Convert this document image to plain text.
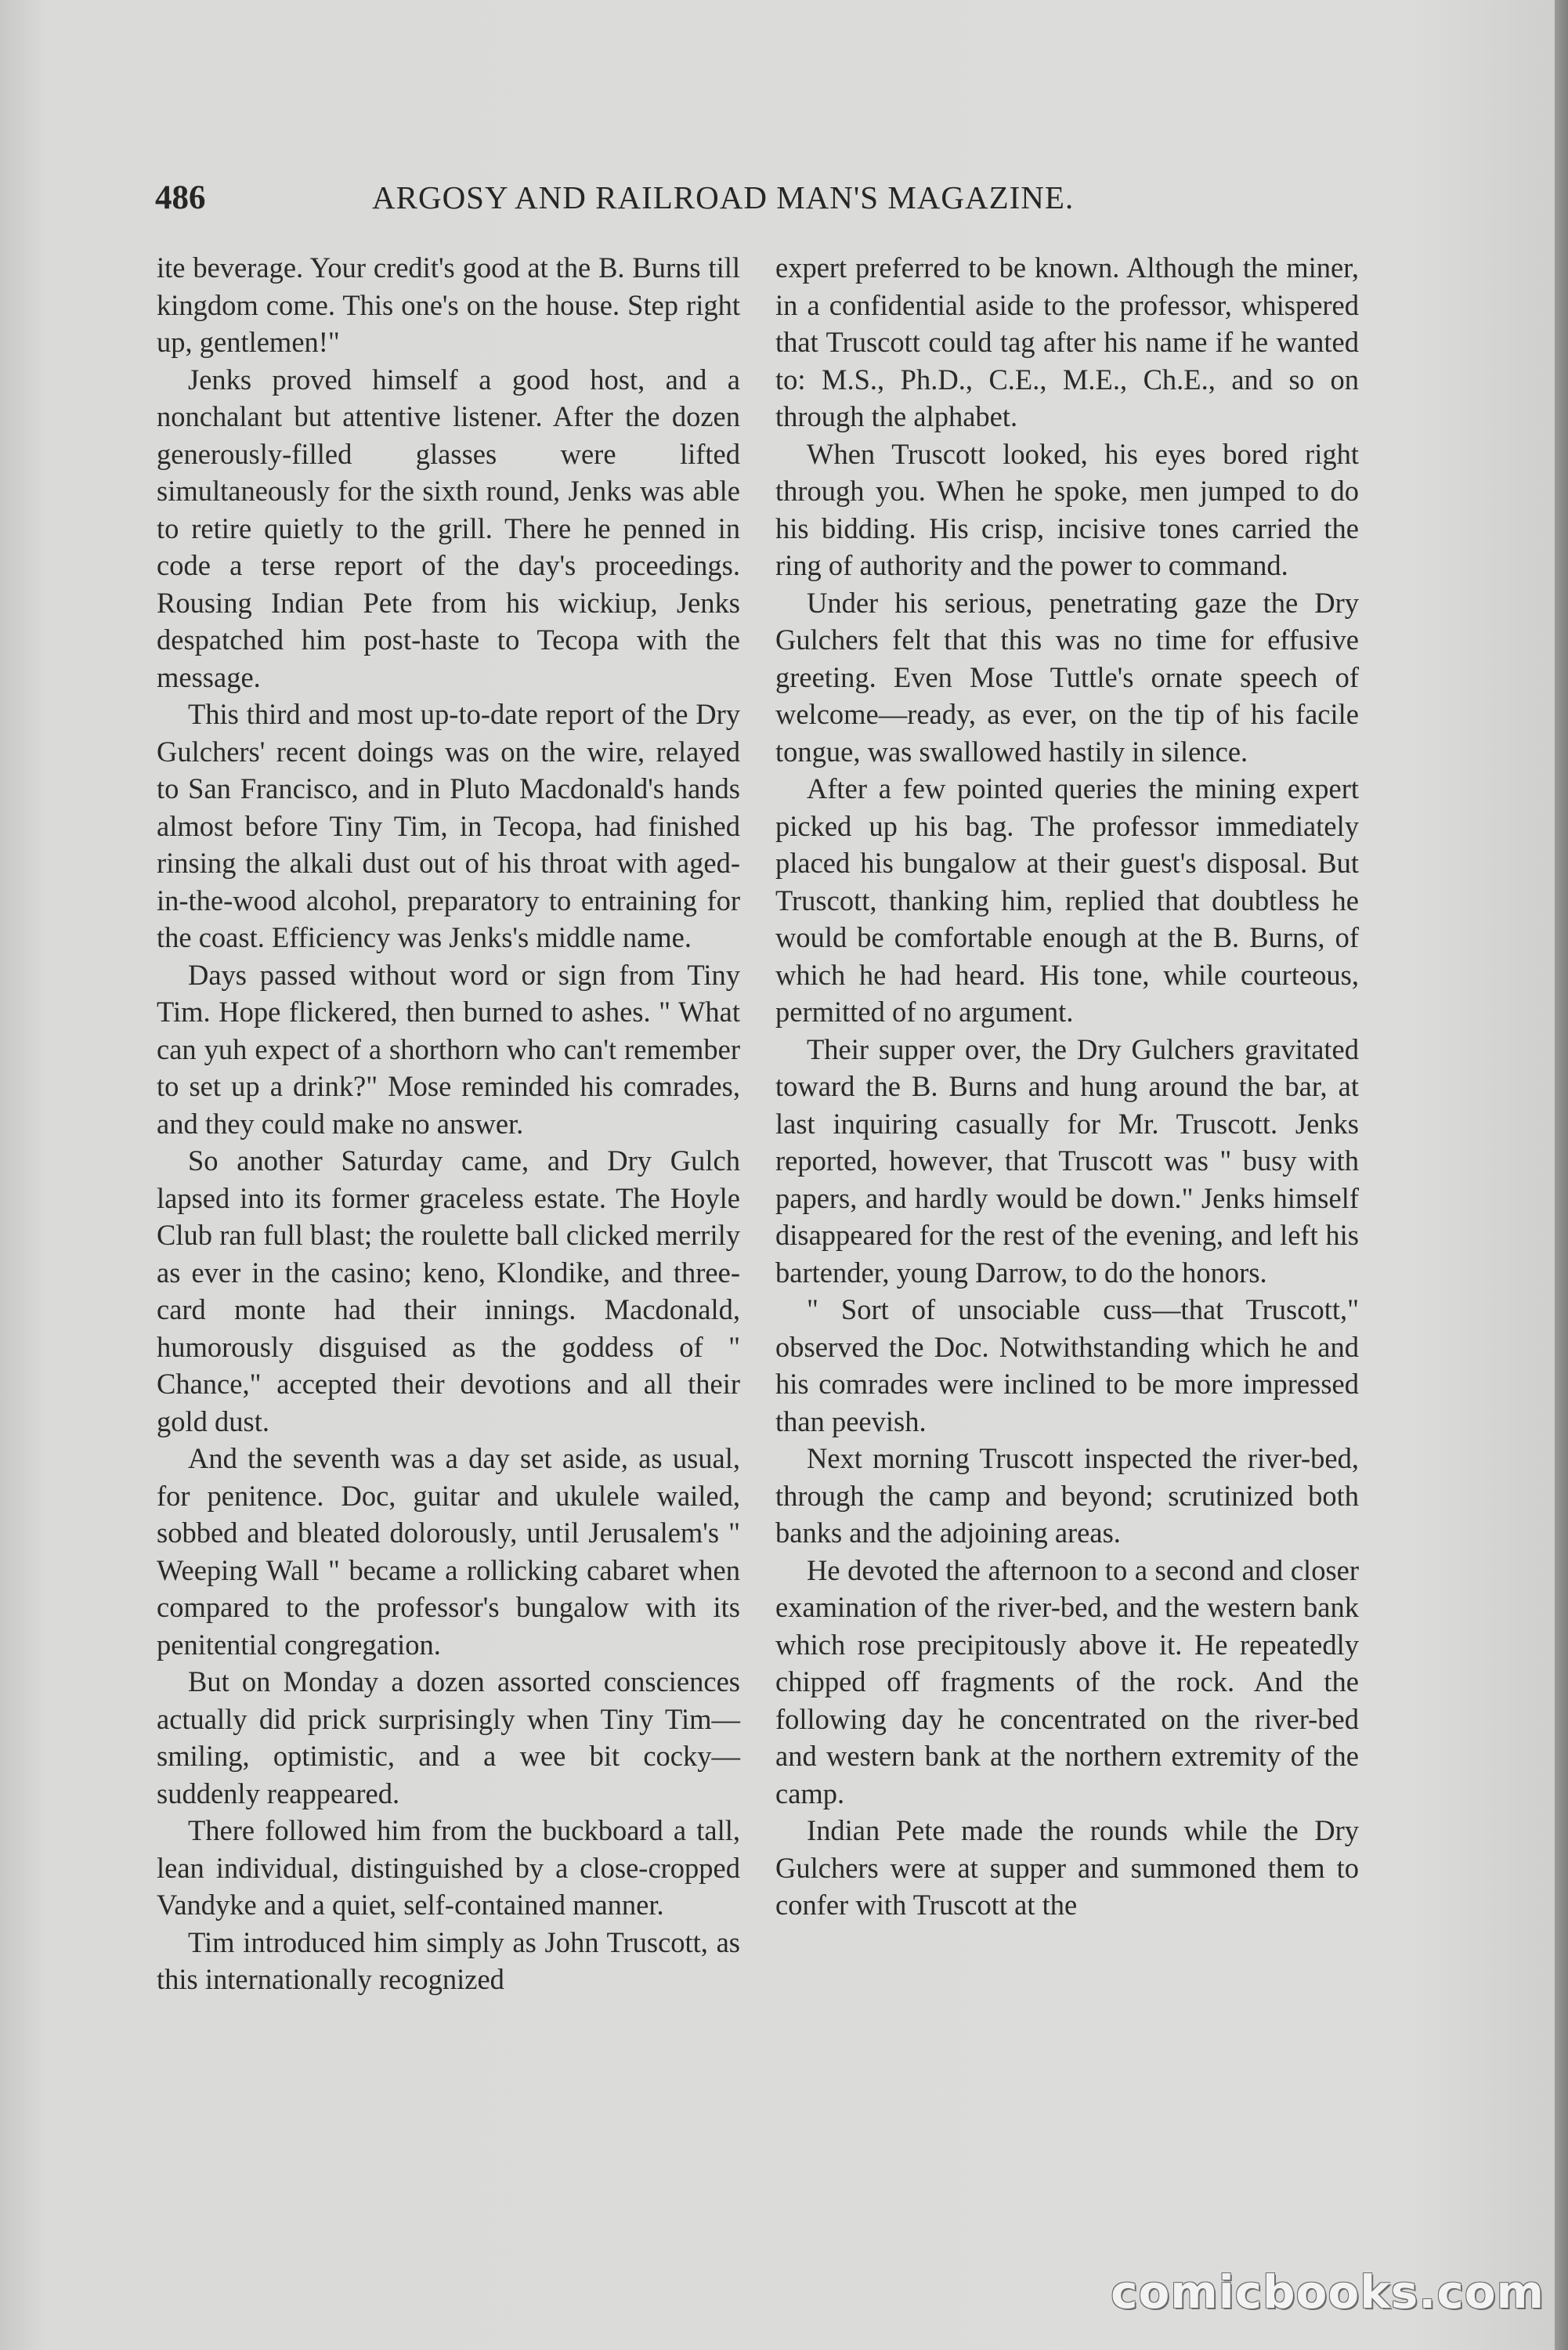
486	ARGOSY AND RAILROAD MAN'S MAGAZINE.

ite beverage. Your credit's good at the B. Burns till kingdom come. This one's on the house. Step right up, gentlemen!"

Jenks proved himself a good host, and a nonchalant but attentive listener. After the dozen generously-filled glasses were lifted simultaneously for the sixth round, Jenks was able to retire quietly to the grill. There he penned in code a terse report of the day's proceedings. Rousing Indian Pete from his wickiup, Jenks despatched him post-haste to Tecopa with the message.

This third and most up-to-date report of the Dry Gulchers' recent doings was on the wire, relayed to San Francisco, and in Pluto Macdonald's hands almost before Tiny Tim, in Tecopa, had finished rinsing the alkali dust out of his throat with aged-in-the-wood alcohol, preparatory to entraining for the coast. Efficiency was Jenks's middle name.

Days passed without word or sign from Tiny Tim. Hope flickered, then burned to ashes. " What can yuh expect of a shorthorn who can't remember to set up a drink?" Mose reminded his comrades, and they could make no answer.

So another Saturday came, and Dry Gulch lapsed into its former graceless estate. The Hoyle Club ran full blast; the roulette ball clicked merrily as ever in the casino; keno, Klondike, and three-card monte had their innings. Macdonald, humorously disguised as the goddess of " Chance," accepted their devotions and all their gold dust.

And the seventh was a day set aside, as usual, for penitence. Doc, guitar and ukulele wailed, sobbed and bleated dolorously, until Jerusalem's " Weeping Wall " became a rollicking cabaret when compared to the professor's bungalow with its penitential congregation.

But on Monday a dozen assorted consciences actually did prick surprisingly when Tiny Tim—smiling, optimistic, and a wee bit cocky—suddenly reappeared.

There followed him from the buckboard a tall, lean individual, distinguished by a close-cropped Vandyke and a quiet, self-contained manner.

Tim introduced him simply as John Truscott, as this internationally recognized

expert preferred to be known. Although the miner, in a confidential aside to the professor, whispered that Truscott could tag after his name if he wanted to: M.S., Ph.D., C.E., M.E., Ch.E., and so on through the alphabet.

When Truscott looked, his eyes bored right through you. When he spoke, men jumped to do his bidding. His crisp, incisive tones carried the ring of authority and the power to command.

Under his serious, penetrating gaze the Dry Gulchers felt that this was no time for effusive greeting. Even Mose Tuttle's ornate speech of welcome—ready, as ever, on the tip of his facile tongue, was swallowed hastily in silence.

After a few pointed queries the mining expert picked up his bag. The professor immediately placed his bungalow at their guest's disposal. But Truscott, thanking him, replied that doubtless he would be comfortable enough at the B. Burns, of which he had heard. His tone, while courteous, permitted of no argument.

Their supper over, the Dry Gulchers gravitated toward the B. Burns and hung around the bar, at last inquiring casually for Mr. Truscott. Jenks reported, however, that Truscott was " busy with papers, and hardly would be down." Jenks himself disappeared for the rest of the evening, and left his bartender, young Darrow, to do the honors.

" Sort of unsociable cuss—that Truscott," observed the Doc. Notwithstanding which he and his comrades were inclined to be more impressed than peevish.

Next morning Truscott inspected the river-bed, through the camp and beyond; scrutinized both banks and the adjoining areas.

He devoted the afternoon to a second and closer examination of the river-bed, and the western bank which rose precipitously above it. He repeatedly chipped off fragments of the rock. And the following day he concentrated on the river-bed and western bank at the northern extremity of the camp.

Indian Pete made the rounds while the Dry Gulchers were at supper and summoned them to confer with Truscott at the

comicbooks.com
